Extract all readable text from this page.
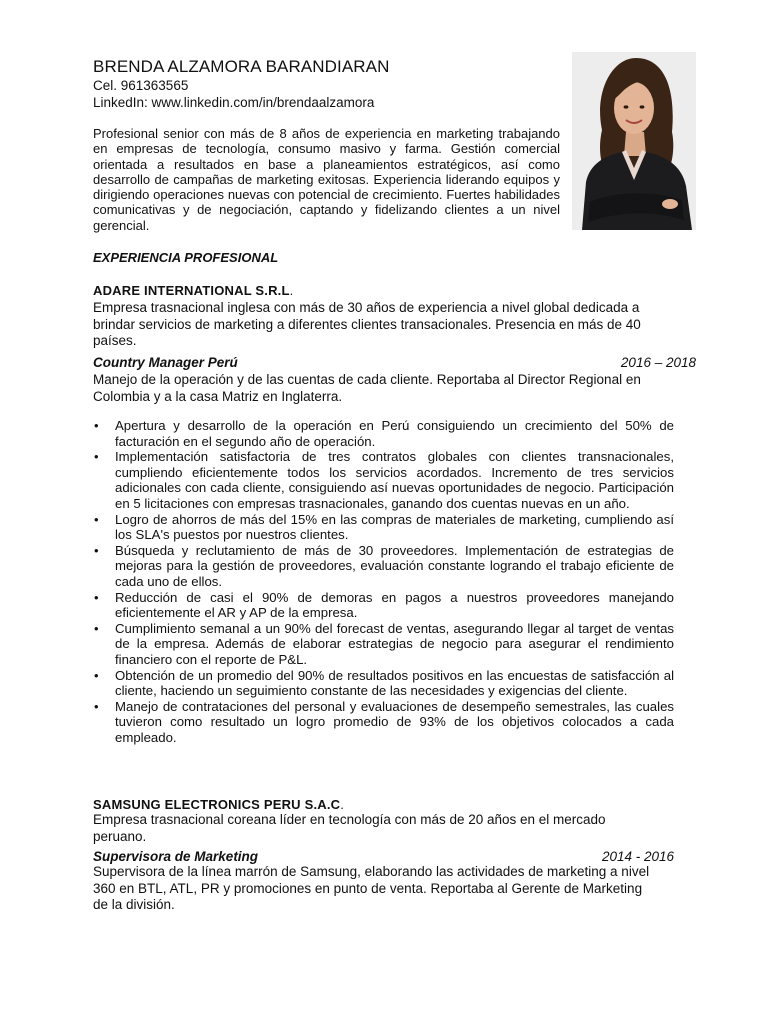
BRENDA ALZAMORA BARANDIARAN
Cel. 961363565
LinkedIn: www.linkedin.com/in/brendaalzamora

Profesional senior con más de 8 años de experiencia en marketing trabajando en empresas de tecnología, consumo masivo y farma. Gestión comercial orientada a resultados en base a planeamientos estratégicos, así como desarrollo de campañas de marketing exitosas. Experiencia liderando equipos y dirigiendo operaciones nuevas con potencial de crecimiento. Fuertes habilidades comunicativas y de negociación, captando y fidelizando clientes a un nivel gerencial.

EXPERIENCIA PROFESIONAL
ADARE INTERNATIONAL S.R.L.

Empresa trasnacional inglesa con más de 30 años de experiencia a nivel global dedicada a brindar servicios de marketing a diferentes clientes transacionales. Presencia en más de 40 países.

Country Manager Perú	2016 – 2018

Manejo de la operación y de las cuentas de cada cliente. Reportaba al Director Regional en Colombia y a la casa Matriz en Inglaterra.

• Apertura y desarrollo de la operación en Perú consiguiendo un crecimiento del 50% de facturación en el segundo año de operación.
• Implementación satisfactoria de tres contratos globales con clientes transnacionales, cumpliendo eficientemente todos los servicios acordados. Incremento de tres servicios adicionales con cada cliente, consiguiendo así nuevas oportunidades de negocio. Participación en 5 licitaciones con empresas trasnacionales, ganando dos cuentas nuevas en un año.
• Logro de ahorros de más del 15% en las compras de materiales de marketing, cumpliendo así los SLA's puestos por nuestros clientes.
• Búsqueda y reclutamiento de más de 30 proveedores. Implementación de estrategias de mejoras para la gestión de proveedores, evaluación constante logrando el trabajo eficiente de cada uno de ellos.
• Reducción de casi el 90% de demoras en pagos a nuestros proveedores manejando eficientemente el AR y AP de la empresa.
• Cumplimiento semanal a un 90% del forecast de ventas, asegurando llegar al target de ventas de la empresa. Además de elaborar estrategias de negocio para asegurar el rendimiento financiero con el reporte de P&L.
• Obtención de un promedio del 90% de resultados positivos en las encuestas de satisfacción al cliente, haciendo un seguimiento constante de las necesidades y exigencias del cliente.
• Manejo de contrataciones del personal y evaluaciones de desempeño semestrales, las cuales tuvieron como resultado un logro promedio de 93% de los objetivos colocados a cada empleado.
SAMSUNG ELECTRONICS PERU S.A.C.

Empresa trasnacional coreana líder en tecnología con más de 20 años en el mercado peruano.

Supervisora de Marketing	2014 - 2016

Supervisora de la línea marrón de Samsung, elaborando las actividades de marketing a nivel 360 en BTL, ATL, PR y promociones en punto de venta. Reportaba al Gerente de Marketing de la división.
